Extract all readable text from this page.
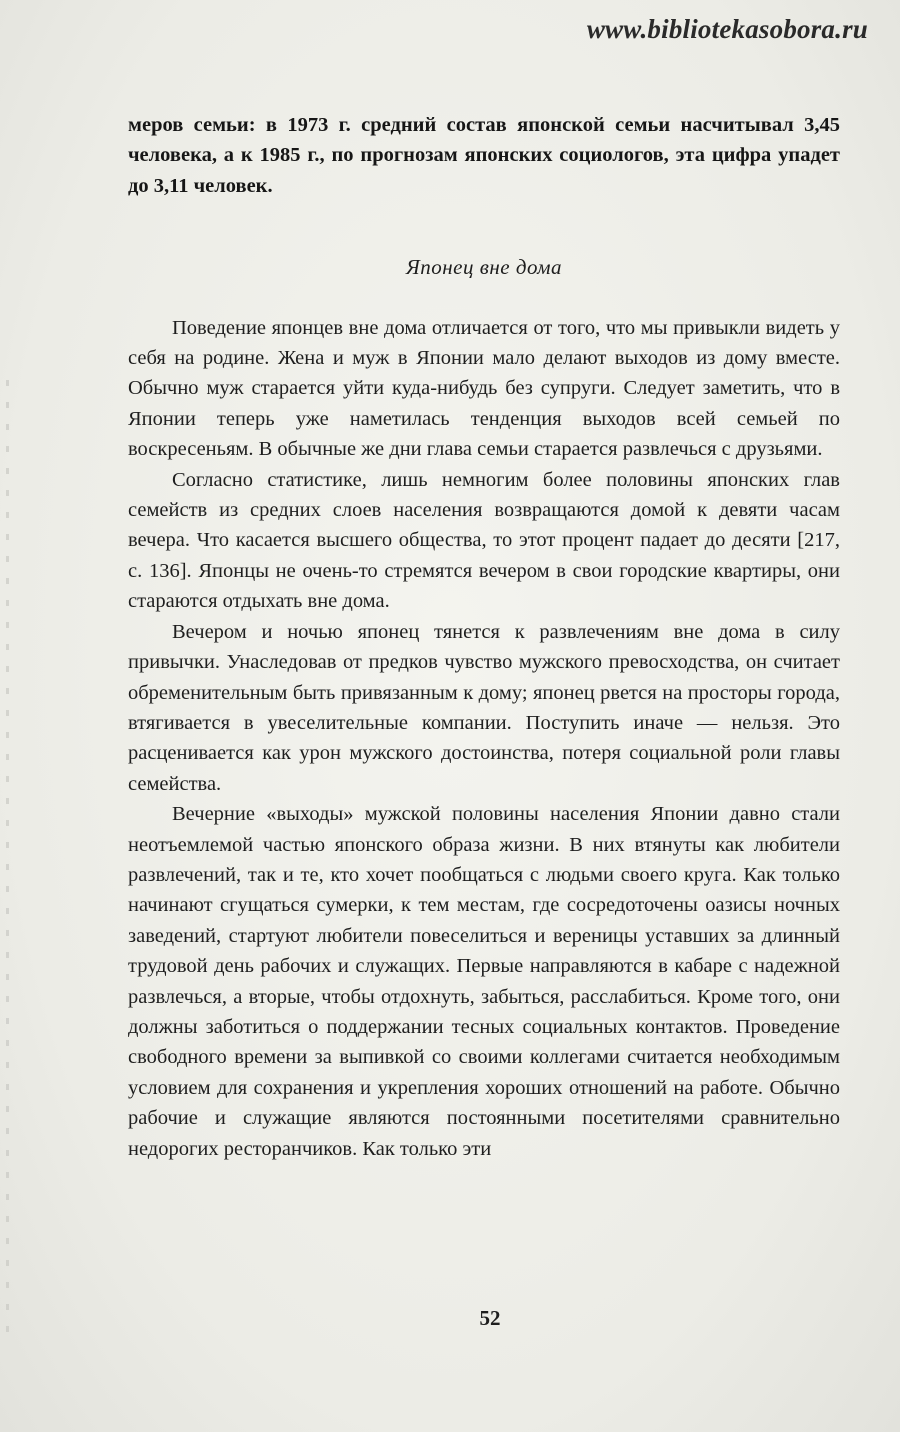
www.bibliotekasobora.ru

меров семьи: в 1973 г. средний состав японской семьи насчитывал 3,45 человека, а к 1985 г., по прогнозам японских социологов, эта цифра упадет до 3,11 человек.

Японец вне дома

Поведение японцев вне дома отличается от того, что мы привыкли видеть у себя на родине. Жена и муж в Японии мало делают выходов из дому вместе. Обычно муж старается уйти куда-нибудь без супруги. Следует заметить, что в Японии теперь уже наметилась тенденция выходов всей семьей по воскресеньям. В обычные же дни глава семьи старается развлечься с друзьями.

Согласно статистике, лишь немногим более половины японских глав семейств из средних слоев населения возвращаются домой к девяти часам вечера. Что касается высшего общества, то этот процент падает до десяти [217, с. 136]. Японцы не очень-то стремятся вечером в свои городские квартиры, они стараются отдыхать вне дома.

Вечером и ночью японец тянется к развлечениям вне дома в силу привычки. Унаследовав от предков чувство мужского превосходства, он считает обременительным быть привязанным к дому; японец рвется на просторы города, втягивается в увеселительные компании. Поступить иначе — нельзя. Это расценивается как урон мужского достоинства, потеря социальной роли главы семейства.

Вечерние «выходы» мужской половины населения Японии давно стали неотъемлемой частью японского образа жизни. В них втянуты как любители развлечений, так и те, кто хочет пообщаться с людьми своего круга. Как только начинают сгущаться сумерки, к тем местам, где сосредоточены оазисы ночных заведений, стартуют любители повеселиться и вереницы уставших за длинный трудовой день рабочих и служащих. Первые направляются в кабаре с надежной развлечься, а вторые, чтобы отдохнуть, забыться, расслабиться. Кроме того, они должны заботиться о поддержании тесных социальных контактов. Проведение свободного времени за выпивкой со своими коллегами считается необходимым условием для сохранения и укрепления хороших отношений на работе. Обычно рабочие и служащие являются постоянными посетителями сравнительно недорогих ресторанчиков. Как только эти

52
